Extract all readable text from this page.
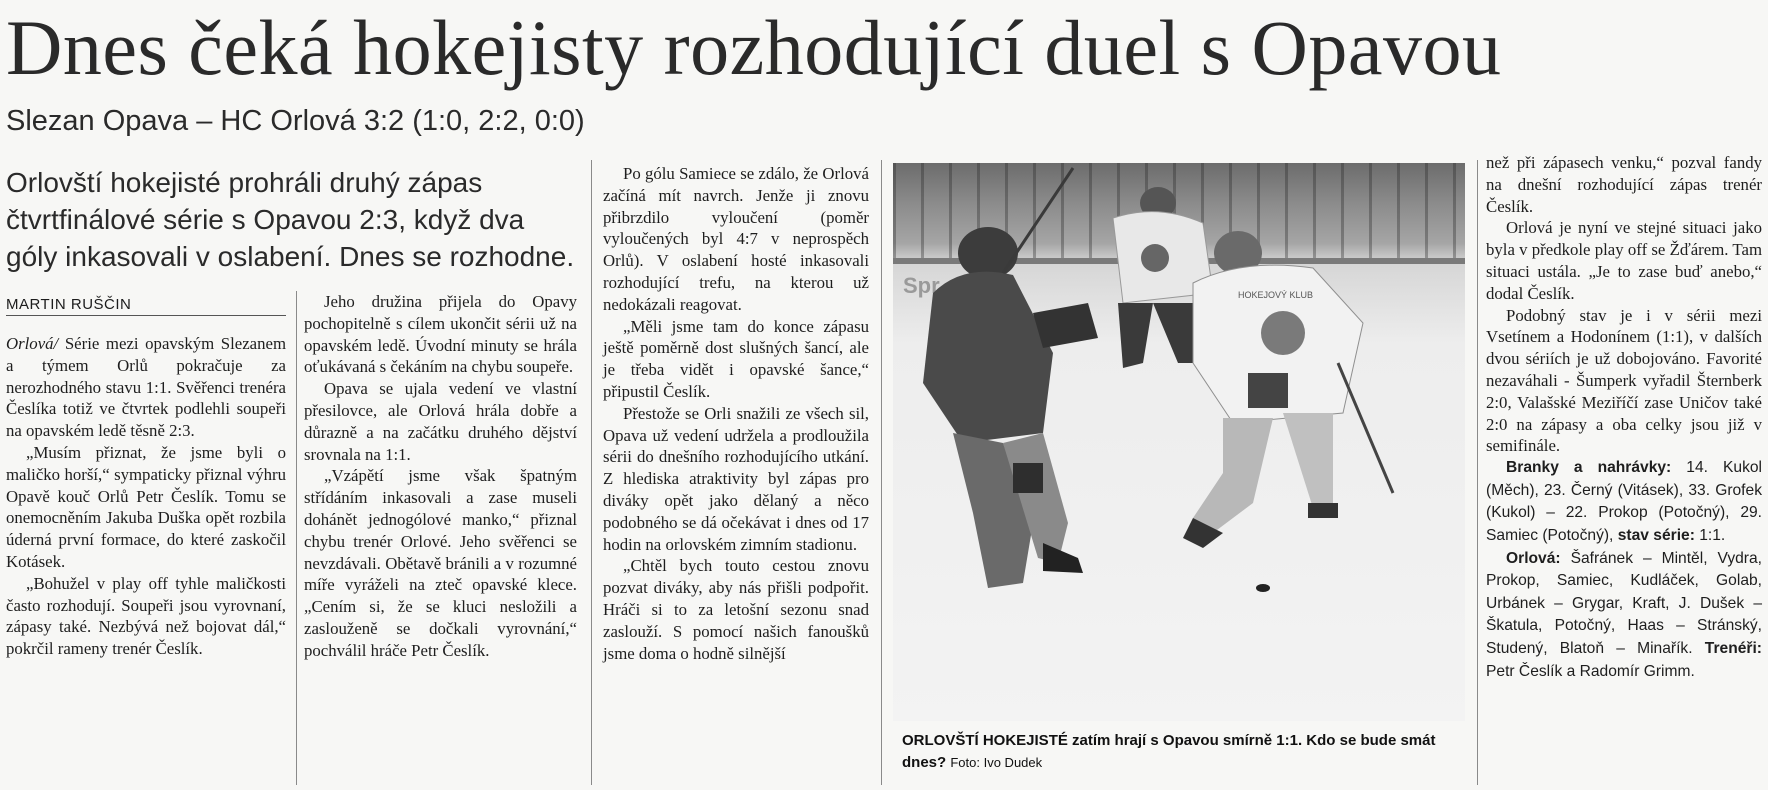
Dnes čeká hokejisty rozhodující duel s Opavou
Slezan Opava – HC Orlová 3:2 (1:0, 2:2, 0:0)

Orlovští hokejisté prohráli druhý zápas čtvrtfinálové série s Opavou 2:3, když dva góly inkasovali v oslabení. Dnes se rozhodne.

MARTIN RUŠČIN

Orlová/ Série mezi opavským Slezanem a týmem Orlů pokračuje za nerozhodného stavu 1:1. Svěřenci trenéra Česlíka totiž ve čtvrtek podlehli soupeři na opavském ledě těsně 2:3.

„Musím přiznat, že jsme byli o maličko horší,“ sympaticky přiznal výhru Opavě kouč Orlů Petr Česlík. Tomu se onemocněním Jakuba Duška opět rozbila úderná první formace, do které zaskočil Kotásek.

„Bohužel v play off tyhle maličkosti často rozhodují. Soupeři jsou vyrovnaní, zápasy také. Nezbývá než bojovat dál,“ pokrčil rameny trenér Česlík.

Jeho družina přijela do Opavy pochopitelně s cílem ukončit sérii už na opavském ledě. Úvodní minuty se hrála oťukávaná s čekáním na chybu soupeře.

Opava se ujala vedení ve vlastní přesilovce, ale Orlová hrála dobře a důrazně a na začátku druhého dějství srovnala na 1:1.

„Vzápětí jsme však špatným střídáním inkasovali a zase museli dohánět jednogólové manko,“ přiznal chybu trenér Orlové. Jeho svěřenci se nevzdávali. Obětavě bránili a v rozumné míře vyráželi na zteč opavské klece. „Cením si, že se kluci nesložili a zaslouženě se dočkali vyrovnání,“ pochválil hráče Petr Česlík.

Po gólu Samiece se zdálo, že Orlová začíná mít navrch. Jenže ji znovu přibrzdilo vyloučení (poměr vyloučených byl 4:7 v neprospěch Orlů). V oslabení hosté inkasovali rozhodující trefu, na kterou už nedokázali reagovat.

„Měli jsme tam do konce zápasu ještě poměrně dost slušných šancí, ale je třeba vidět i opavské šance,“ připustil Česlík.

Přestože se Orli snažili ze všech sil, Opava už vedení udržela a prodloužila sérii do dnešního rozhodujícího utkání. Z hlediska atraktivity byl zápas pro diváky opět jako dělaný a něco podobného se dá očekávat i dnes od 17 hodin na orlovském zimním stadionu.

„Chtěl bych touto cestou znovu pozvat diváky, aby nás přišli podpořit. Hráči si to za letošní sezonu snad zaslouží. S pomocí našich fanoušků jsme doma o hodně silnější

Spr	HOKEJOVÝ KLUB
ORLOVŠTÍ HOKEJISTÉ zatím hrají s Opavou smírně 1:1. Kdo se bude smát dnes? Foto: Ivo Dudek

než při zápasech venku,“ pozval fandy na dnešní rozhodující zápas trenér Česlík.

Orlová je nyní ve stejné situaci jako byla v předkole play off se Žďárem. Tam situaci ustála. „Je to zase buď anebo,“ dodal Česlík.

Podobný stav je i v sérii mezi Vsetínem a Hodonínem (1:1), v dalších dvou sériích je už dobojováno. Favorité nezaváhali - Šumperk vyřadil Šternberk 2:0, Valašské Meziříčí zase Uničov také 2:0 na zápasy a oba celky jsou již v semifinále.

Branky a nahrávky: 14. Kukol (Měch), 23. Černý (Vitásek), 33. Grofek (Kukol) – 22. Prokop (Potočný), 29. Samiec (Potočný), stav série: 1:1.

Orlová: Šafránek – Mintěl, Vydra, Prokop, Samiec, Kudláček, Golab, Urbánek – Grygar, Kraft, J. Dušek – Škatula, Potočný, Haas – Stránský, Studený, Blatoň – Minařík. Trenéři: Petr Česlík a Radomír Grimm.
